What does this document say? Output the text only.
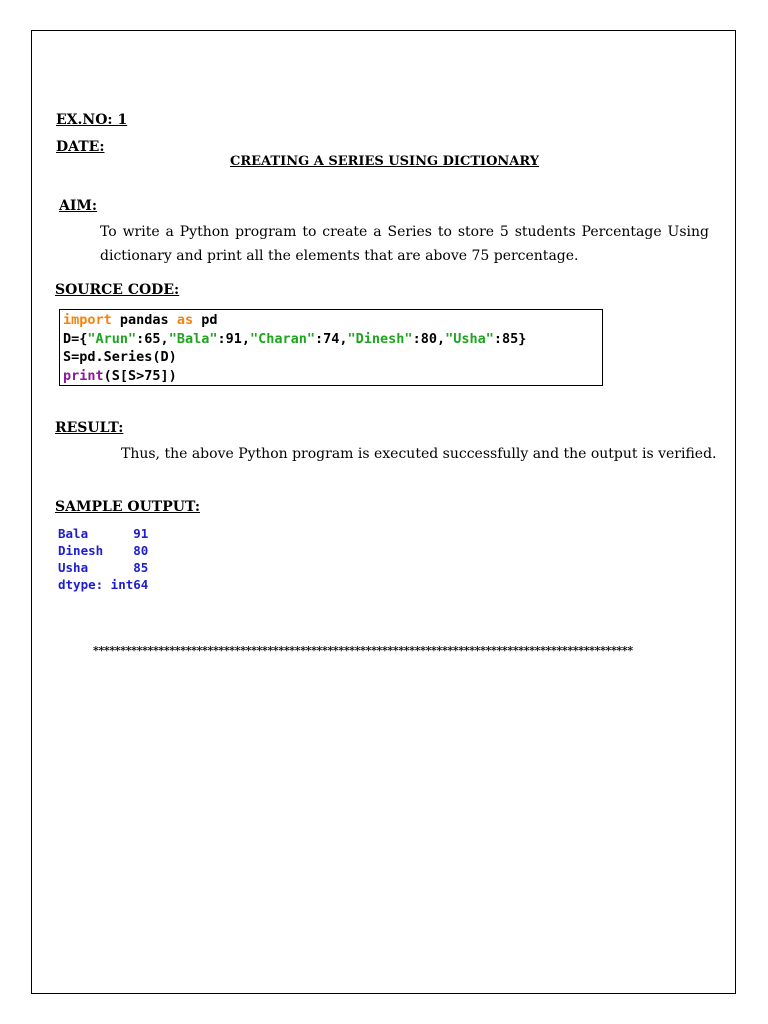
EX.NO: 1
DATE:
CREATING A SERIES USING DICTIONARY
AIM:
To write a Python program to create a Series to store 5 students Percentage Using dictionary and print all the elements that are above 75 percentage.
SOURCE CODE:
import pandas as pd
D={"Arun":65,"Bala":91,"Charan":74,"Dinesh":80,"Usha":85}
S=pd.Series(D)
print(S[S>75])
RESULT:
Thus, the above Python program is executed successfully and the output is verified.
SAMPLE OUTPUT:
Bala      91
Dinesh    80
Usha      85
dtype: int64
***************************************************************************************************
